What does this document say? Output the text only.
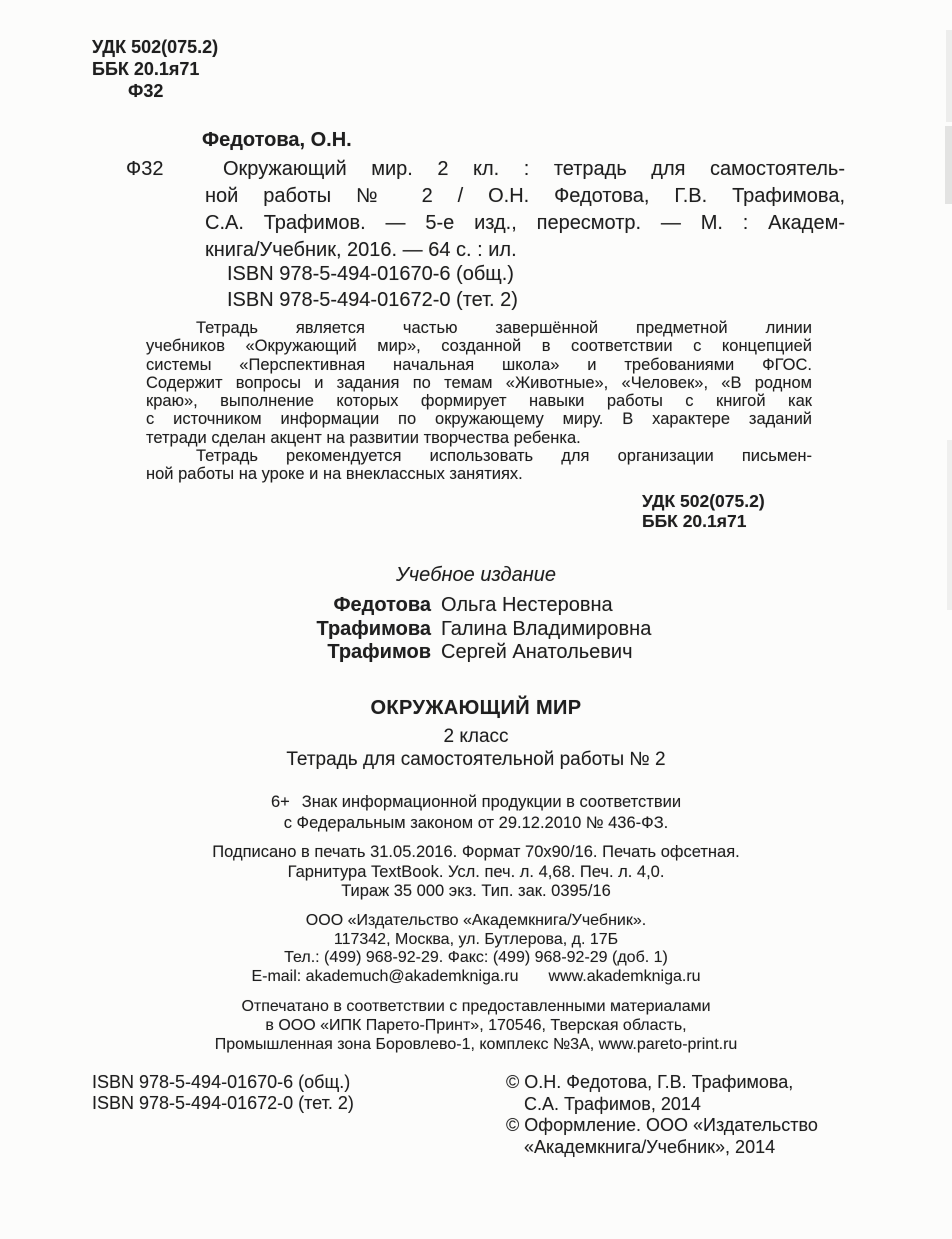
УДК 502(075.2)
ББК 20.1я71
Ф32
Федотова, О.Н.
Ф32	Окружающий мир. 2 кл. : тетрадь для самостоятель-
ной работы № 2 / О.Н. Федотова, Г.В. Трафимова,
С.А. Трафимов. — 5-е изд., пересмотр. — М. : Академ-
книга/Учебник, 2016. — 64 с. : ил.
ISBN 978-5-494-01670-6 (общ.)
ISBN 978-5-494-01672-0 (тет. 2)
Тетрадь является частью завершённой предметной линии
учебников «Окружающий мир», созданной в соответствии с концепцией
системы «Перспективная начальная школа» и требованиями ФГОС.
Содержит вопросы и задания по темам «Животные», «Человек», «В родном
краю», выполнение которых формирует навыки работы с книгой как
с источником информации по окружающему миру. В характере заданий
тетради сделан акцент на развитии творчества ребенка.
Тетрадь рекомендуется использовать для организации письмен-
ной работы на уроке и на внеклассных занятиях.
УДК 502(075.2)
ББК 20.1я71
Учебное издание
Федотова Ольга Нестеровна
Трафимова Галина Владимировна
Трафимов Сергей Анатольевич
ОКРУЖАЮЩИЙ МИР
2 класс
Тетрадь для самостоятельной работы № 2
6+ Знак информационной продукции в соответствии
с Федеральным законом от 29.12.2010 № 436-ФЗ.
Подписано в печать 31.05.2016. Формат 70х90/16. Печать офсетная.
Гарнитура TextBook. Усл. печ. л. 4,68. Печ. л. 4,0.
Тираж 35 000 экз. Тип. зак. 0395/16
ООО «Издательство «Академкнига/Учебник».
117342, Москва, ул. Бутлерова, д. 17Б
Тел.: (499) 968-92-29. Факс: (499) 968-92-29 (доб. 1)
E-mail: akademuch@akademkniga.ru www.akademkniga.ru
Отпечатано в соответствии с предоставленными материалами
в ООО «ИПК Парето-Принт», 170546, Тверская область,
Промышленная зона Боровлево-1, комплекс №3А, www.pareto-print.ru
ISBN 978-5-494-01670-6 (общ.)
ISBN 978-5-494-01672-0 (тет. 2)
© О.Н. Федотова, Г.В. Трафимова,
С.А. Трафимов, 2014
© Оформление. ООО «Издательство
«Академкнига/Учебник», 2014
